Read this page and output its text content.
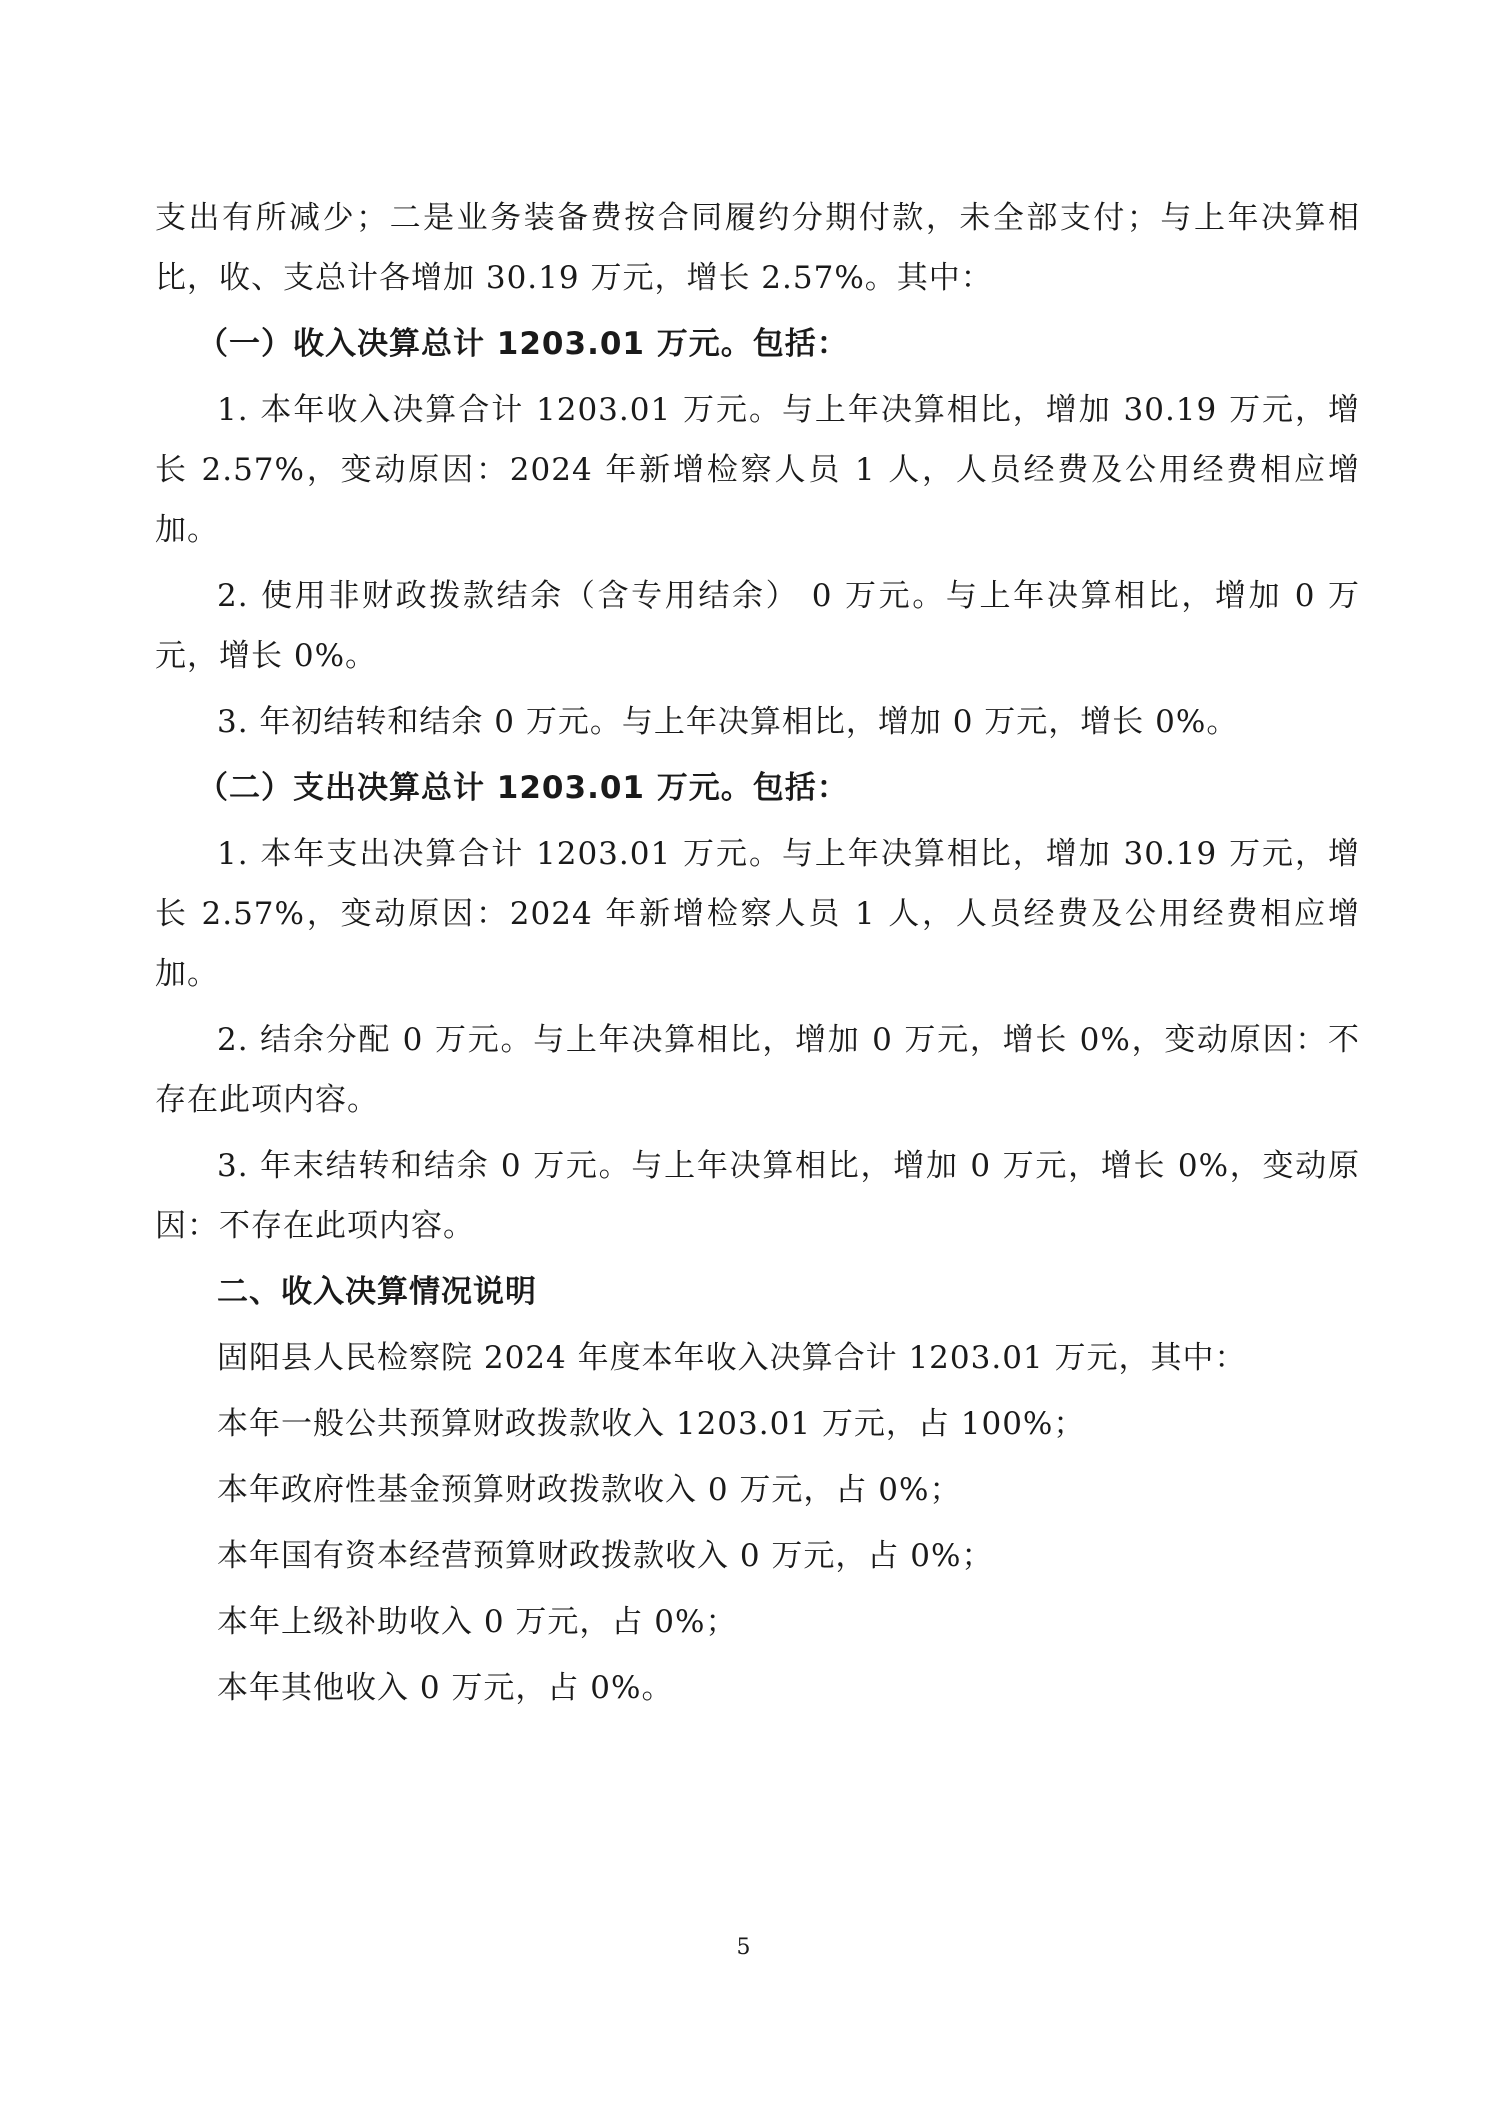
支出有所减少；二是业务装备费按合同履约分期付款，未全部支付；与上年决算相比，收、支总计各增加 30.19 万元，增长 2.57%。其中：

（一）收入决算总计 1203.01 万元。包括：

1. 本年收入决算合计 1203.01 万元。与上年决算相比，增加 30.19 万元，增长 2.57%，变动原因：2024 年新增检察人员 1 人，人员经费及公用经费相应增加。

2. 使用非财政拨款结余（含专用结余） 0 万元。与上年决算相比，增加 0 万元，增长 0%。

3. 年初结转和结余 0 万元。与上年决算相比，增加 0 万元，增长 0%。

（二）支出决算总计 1203.01 万元。包括：

1. 本年支出决算合计 1203.01 万元。与上年决算相比，增加 30.19 万元，增长 2.57%，变动原因：2024 年新增检察人员 1 人，人员经费及公用经费相应增加。

2. 结余分配 0 万元。与上年决算相比，增加 0 万元，增长 0%，变动原因：不存在此项内容。

3. 年末结转和结余 0 万元。与上年决算相比，增加 0 万元，增长 0%，变动原因：不存在此项内容。

二、收入决算情况说明

固阳县人民检察院 2024 年度本年收入决算合计 1203.01 万元，其中：

本年一般公共预算财政拨款收入 1203.01 万元，占 100%；

本年政府性基金预算财政拨款收入 0 万元，占 0%；

本年国有资本经营预算财政拨款收入 0 万元，占 0%；

本年上级补助收入 0 万元，占 0%；

本年其他收入 0 万元，占 0%。

5
